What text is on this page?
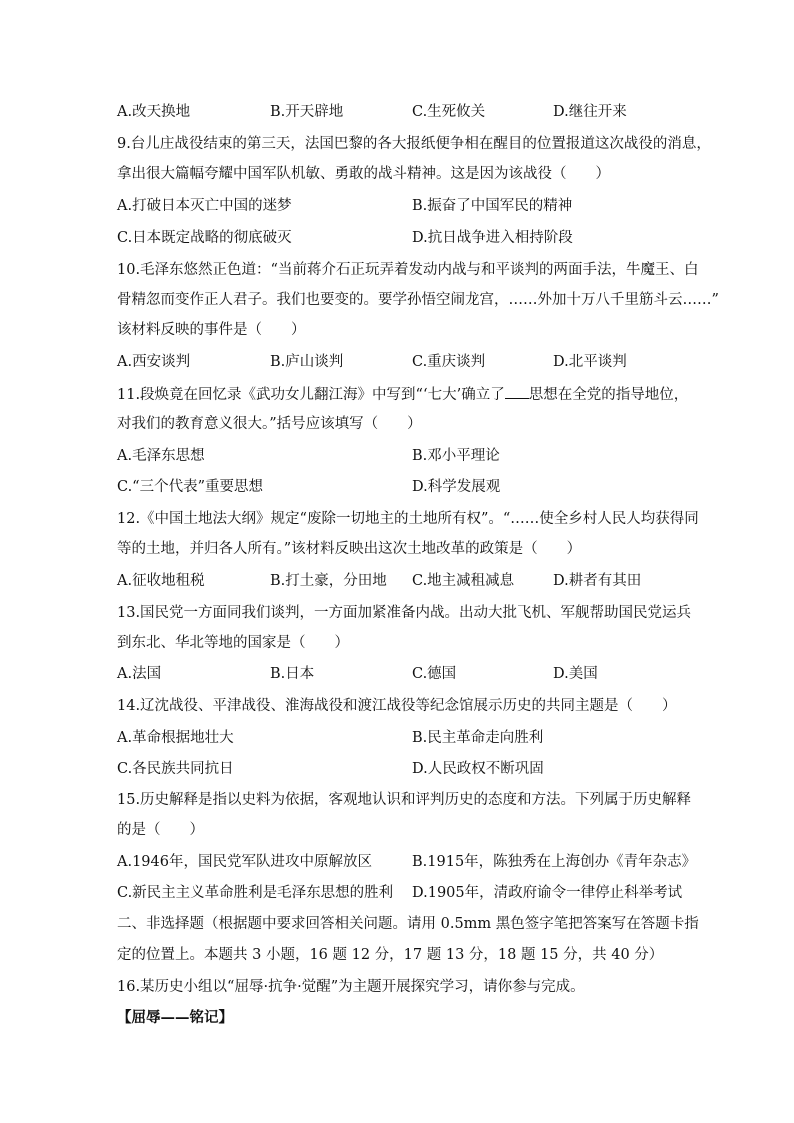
A.改天换地	B.开天辟地	C.生死攸关	D.继往开来
9.台儿庄战役结束的第三天，法国巴黎的各大报纸便争相在醒目的位置报道这次战役的消息，
拿出很大篇幅夸耀中国军队机敏、勇敢的战斗精神。这是因为该战役（　　）
A.打破日本灭亡中国的迷梦	B.振奋了中国军民的精神
C.日本既定战略的彻底破灭	D.抗日战争进入相持阶段
10.毛泽东悠然正色道：“当前蒋介石正玩弄着发动内战与和平谈判的两面手法，牛魔王、白
骨精忽而变作正人君子。我们也要变的。要学孙悟空闹龙宫，……外加十万八千里筋斗云……”
该材料反映的事件是（　　）
A.西安谈判	B.庐山谈判	C.重庆谈判	D.北平谈判
11.段焕竟在回忆录《武功女儿翻江海》中写到“‘七大’确立了 思想在全党的指导地位，
对我们的教育意义很大。”括号应该填写（　　）
A.毛泽东思想	B.邓小平理论
C.“三个代表”重要思想	D.科学发展观
12.《中国土地法大纲》规定“废除一切地主的土地所有权”。“……使全乡村人民人均获得同
等的土地，并归各人所有。”该材料反映出这次土地改革的政策是（　　）
A.征收地租税	B.打土豪，分田地 C.地主减租减息	D.耕者有其田
13.国民党一方面同我们谈判，一方面加紧准备内战。出动大批飞机、军舰帮助国民党运兵
到东北、华北等地的国家是（　　）
A.法国	B.日本	C.德国	D.美国
14.辽沈战役、平津战役、淮海战役和渡江战役等纪念馆展示历史的共同主题是（　　）
A.革命根据地壮大	B.民主革命走向胜利
C.各民族共同抗日	D.人民政权不断巩固
15.历史解释是指以史料为依据，客观地认识和评判历史的态度和方法。下列属于历史解释
的是（　　）
A.1946年，国民党军队进攻中原解放区	B.1915年，陈独秀在上海创办《青年杂志》
C.新民主主义革命胜利是毛泽东思想的胜利 D.1905年，清政府谕令一律停止科举考试
二、非选择题（根据题中要求回答相关问题。请用 0.5mm 黑色签字笔把答案写在答题卡指
定的位置上。本题共 3 小题，16 题 12 分，17 题 13 分，18 题 15 分，共 40 分）
16.某历史小组以“屈辱·抗争·觉醒”为主题开展探究学习，请你参与完成。
【屈辱——铭记】
